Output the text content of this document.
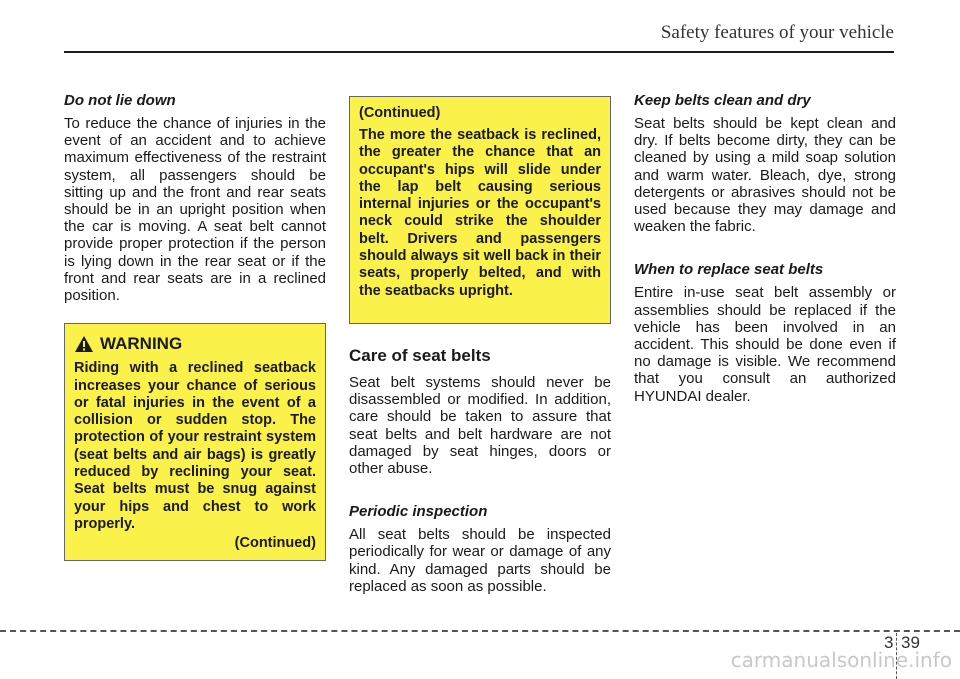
Safety features of your vehicle
Do not lie down

To reduce the chance of injuries in the event of an accident and to achieve maximum effectiveness of the restraint system, all passengers should be sitting up and the front and rear seats should be in an upright position when the car is moving. A seat belt cannot provide proper protection if the person is lying down in the rear seat or if the front and rear seats are in a reclined position.

WARNING

Riding with a reclined seatback increases your chance of serious or fatal injuries in the event of a collision or sudden stop. The protection of your restraint system (seat belts and air bags) is greatly reduced by reclining your seat. Seat belts must be snug against your hips and chest to work properly.

(Continued)
(Continued)

The more the seatback is reclined, the greater the chance that an occupant's hips will slide under the lap belt causing serious internal injuries or the occupant's neck could strike the shoulder belt. Drivers and passengers should always sit well back in their seats, properly belted, and with the seatbacks upright.

Care of seat belts

Seat belt systems should never be disassembled or modified. In addition, care should be taken to assure that seat belts and belt hardware are not damaged by seat hinges, doors or other abuse.

Periodic inspection

All seat belts should be inspected periodically for wear or damage of any kind. Any damaged parts should be replaced as soon as possible.

Keep belts clean and dry

Seat belts should be kept clean and dry. If belts become dirty, they can be cleaned by using a mild soap solution and warm water. Bleach, dye, strong detergents or abrasives should not be used because they may damage and weaken the fabric.

When to replace seat belts

Entire in-use seat belt assembly or assemblies should be replaced if the vehicle has been involved in an accident. This should be done even if no damage is visible. We recommend that you consult an authorized HYUNDAI dealer.

3 39
carmanualsonline.info
